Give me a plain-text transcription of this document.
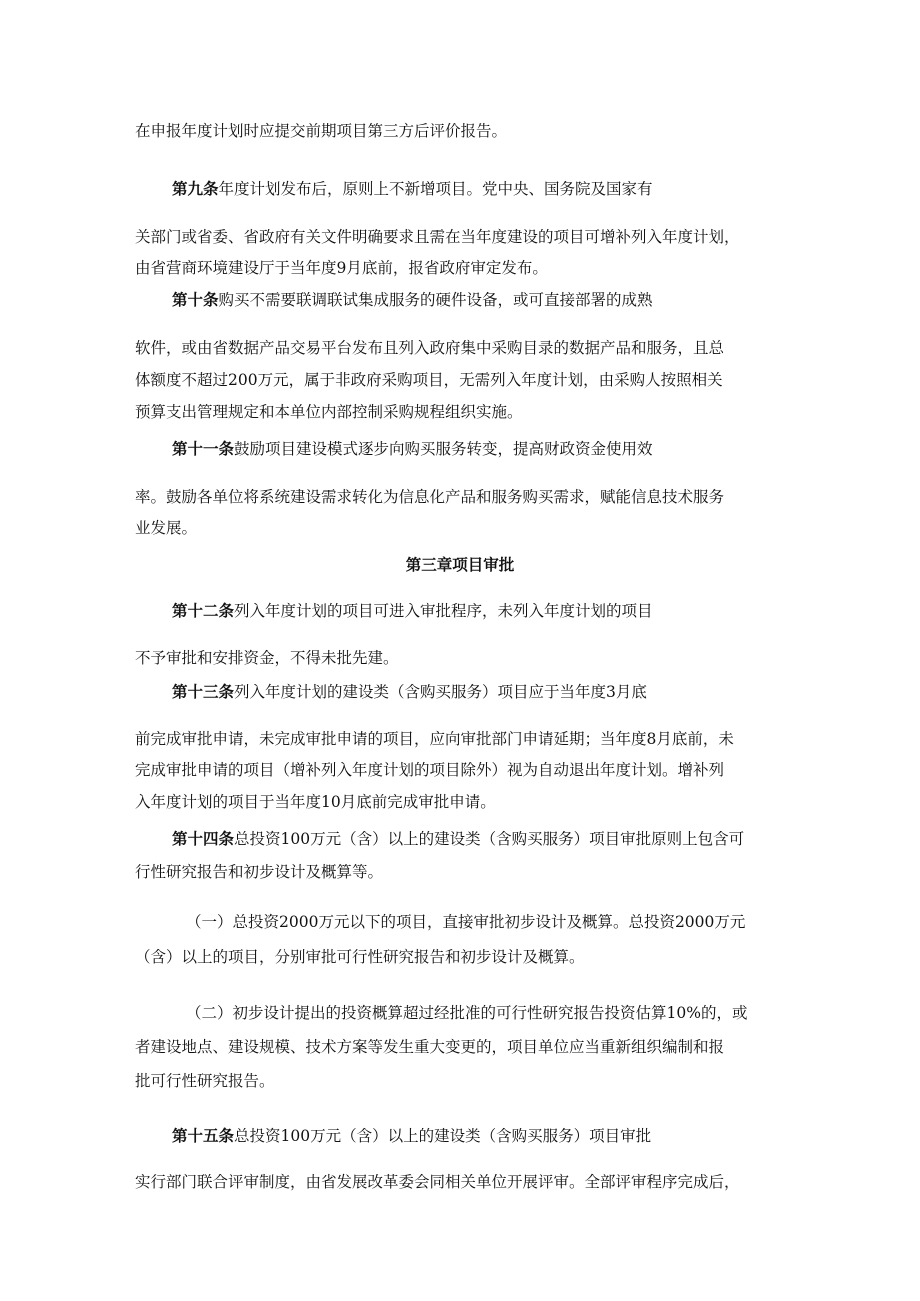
在申报年度计划时应提交前期项目第三方后评价报告。
第九条年度计划发布后，原则上不新增项目。党中央、国务院及国家有
关部门或省委、省政府有关文件明确要求且需在当年度建设的项目可增补列入年度计划，
由省营商环境建设厅于当年度9月底前，报省政府审定发布。
第十条购买不需要联调联试集成服务的硬件设备，或可直接部署的成熟
软件，或由省数据产品交易平台发布且列入政府集中采购目录的数据产品和服务，且总
体额度不超过200万元，属于非政府采购项目，无需列入年度计划，由采购人按照相关
预算支出管理规定和本单位内部控制采购规程组织实施。
第十一条鼓励项目建设模式逐步向购买服务转变，提高财政资金使用效
率。鼓励各单位将系统建设需求转化为信息化产品和服务购买需求，赋能信息技术服务
业发展。
第三章项目审批
第十二条列入年度计划的项目可进入审批程序，未列入年度计划的项目
不予审批和安排资金，不得未批先建。
第十三条列入年度计划的建设类（含购买服务）项目应于当年度3月底
前完成审批申请，未完成审批申请的项目，应向审批部门申请延期；当年度8月底前，未
完成审批申请的项目（增补列入年度计划的项目除外）视为自动退出年度计划。增补列
入年度计划的项目于当年度10月底前完成审批申请。
第十四条总投资100万元（含）以上的建设类（含购买服务）项目审批原则上包含可
行性研究报告和初步设计及概算等。
（一）总投资2000万元以下的项目，直接审批初步设计及概算。总投资2000万元
（含）以上的项目，分别审批可行性研究报告和初步设计及概算。
（二）初步设计提出的投资概算超过经批准的可行性研究报告投资估算10%的，或
者建设地点、建设规模、技术方案等发生重大变更的，项目单位应当重新组织编制和报
批可行性研究报告。
第十五条总投资100万元（含）以上的建设类（含购买服务）项目审批
实行部门联合评审制度，由省发展改革委会同相关单位开展评审。全部评审程序完成后，
